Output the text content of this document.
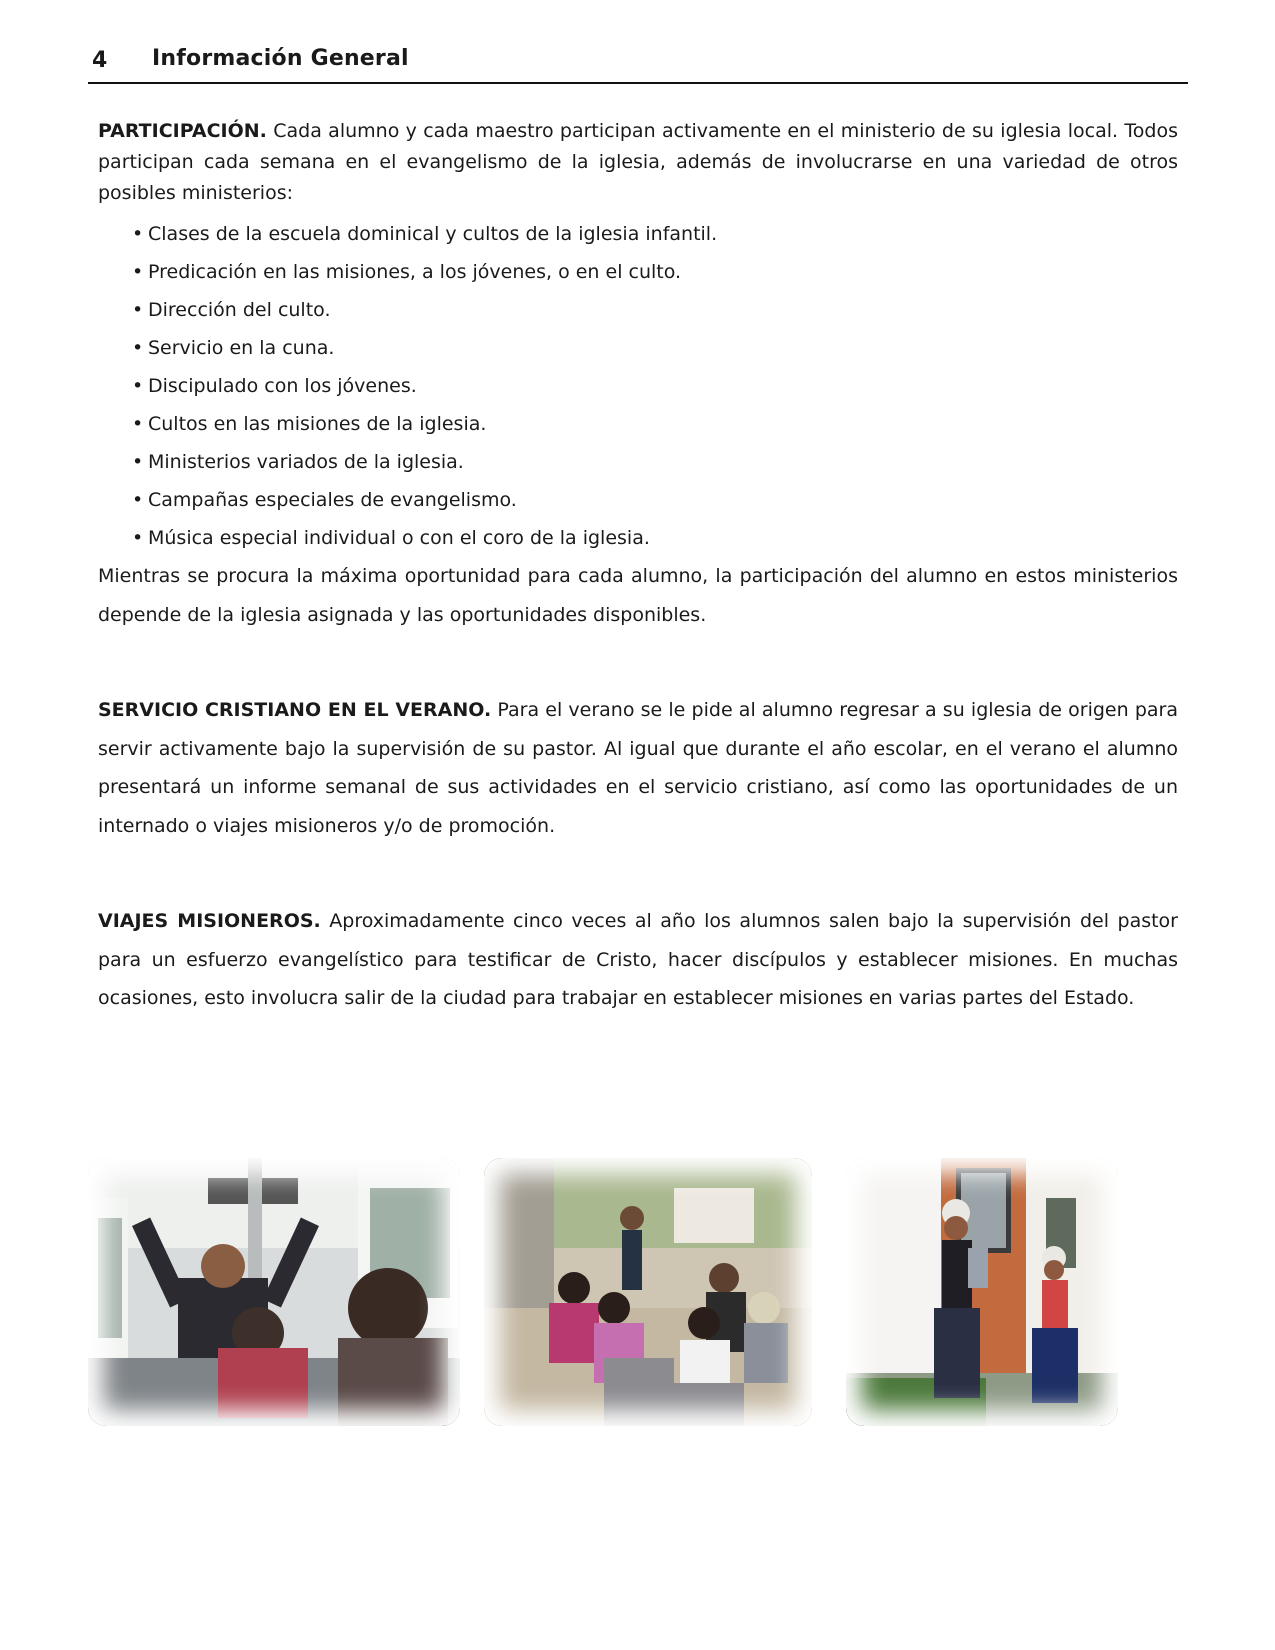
4 Información General

PARTICIPACIÓN. Cada alumno y cada maestro participan activamente en el ministerio de su iglesia local. Todos participan cada semana en el evangelismo de la iglesia, además de involucrarse en una variedad de otros posibles ministerios:

• Clases de la escuela dominical y cultos de la iglesia infantil.
• Predicación en las misiones, a los jóvenes, o en el culto.
• Dirección del culto.
• Servicio en la cuna.
• Discipulado con los jóvenes.
• Cultos en las misiones de la iglesia.
• Ministerios variados de la iglesia.
• Campañas especiales de evangelismo.
• Música especial individual o con el coro de la iglesia.

Mientras se procura la máxima oportunidad para cada alumno, la participación del alumno en estos ministerios depende de la iglesia asignada y las oportunidades disponibles.

SERVICIO CRISTIANO EN EL VERANO. Para el verano se le pide al alumno regresar a su iglesia de origen para servir activamente bajo la supervisión de su pastor. Al igual que durante el año escolar, en el verano el alumno presentará un informe semanal de sus actividades en el servicio cristiano, así como las oportunidades de un internado o viajes misioneros y/o de promoción.

VIAJES MISIONEROS. Aproximadamente cinco veces al año los alumnos salen bajo la supervisión del pastor para un esfuerzo evangelístico para testificar de Cristo, hacer discípulos y establecer misiones. En muchas ocasiones, esto involucra salir de la ciudad para trabajar en establecer misiones en varias partes del Estado.
